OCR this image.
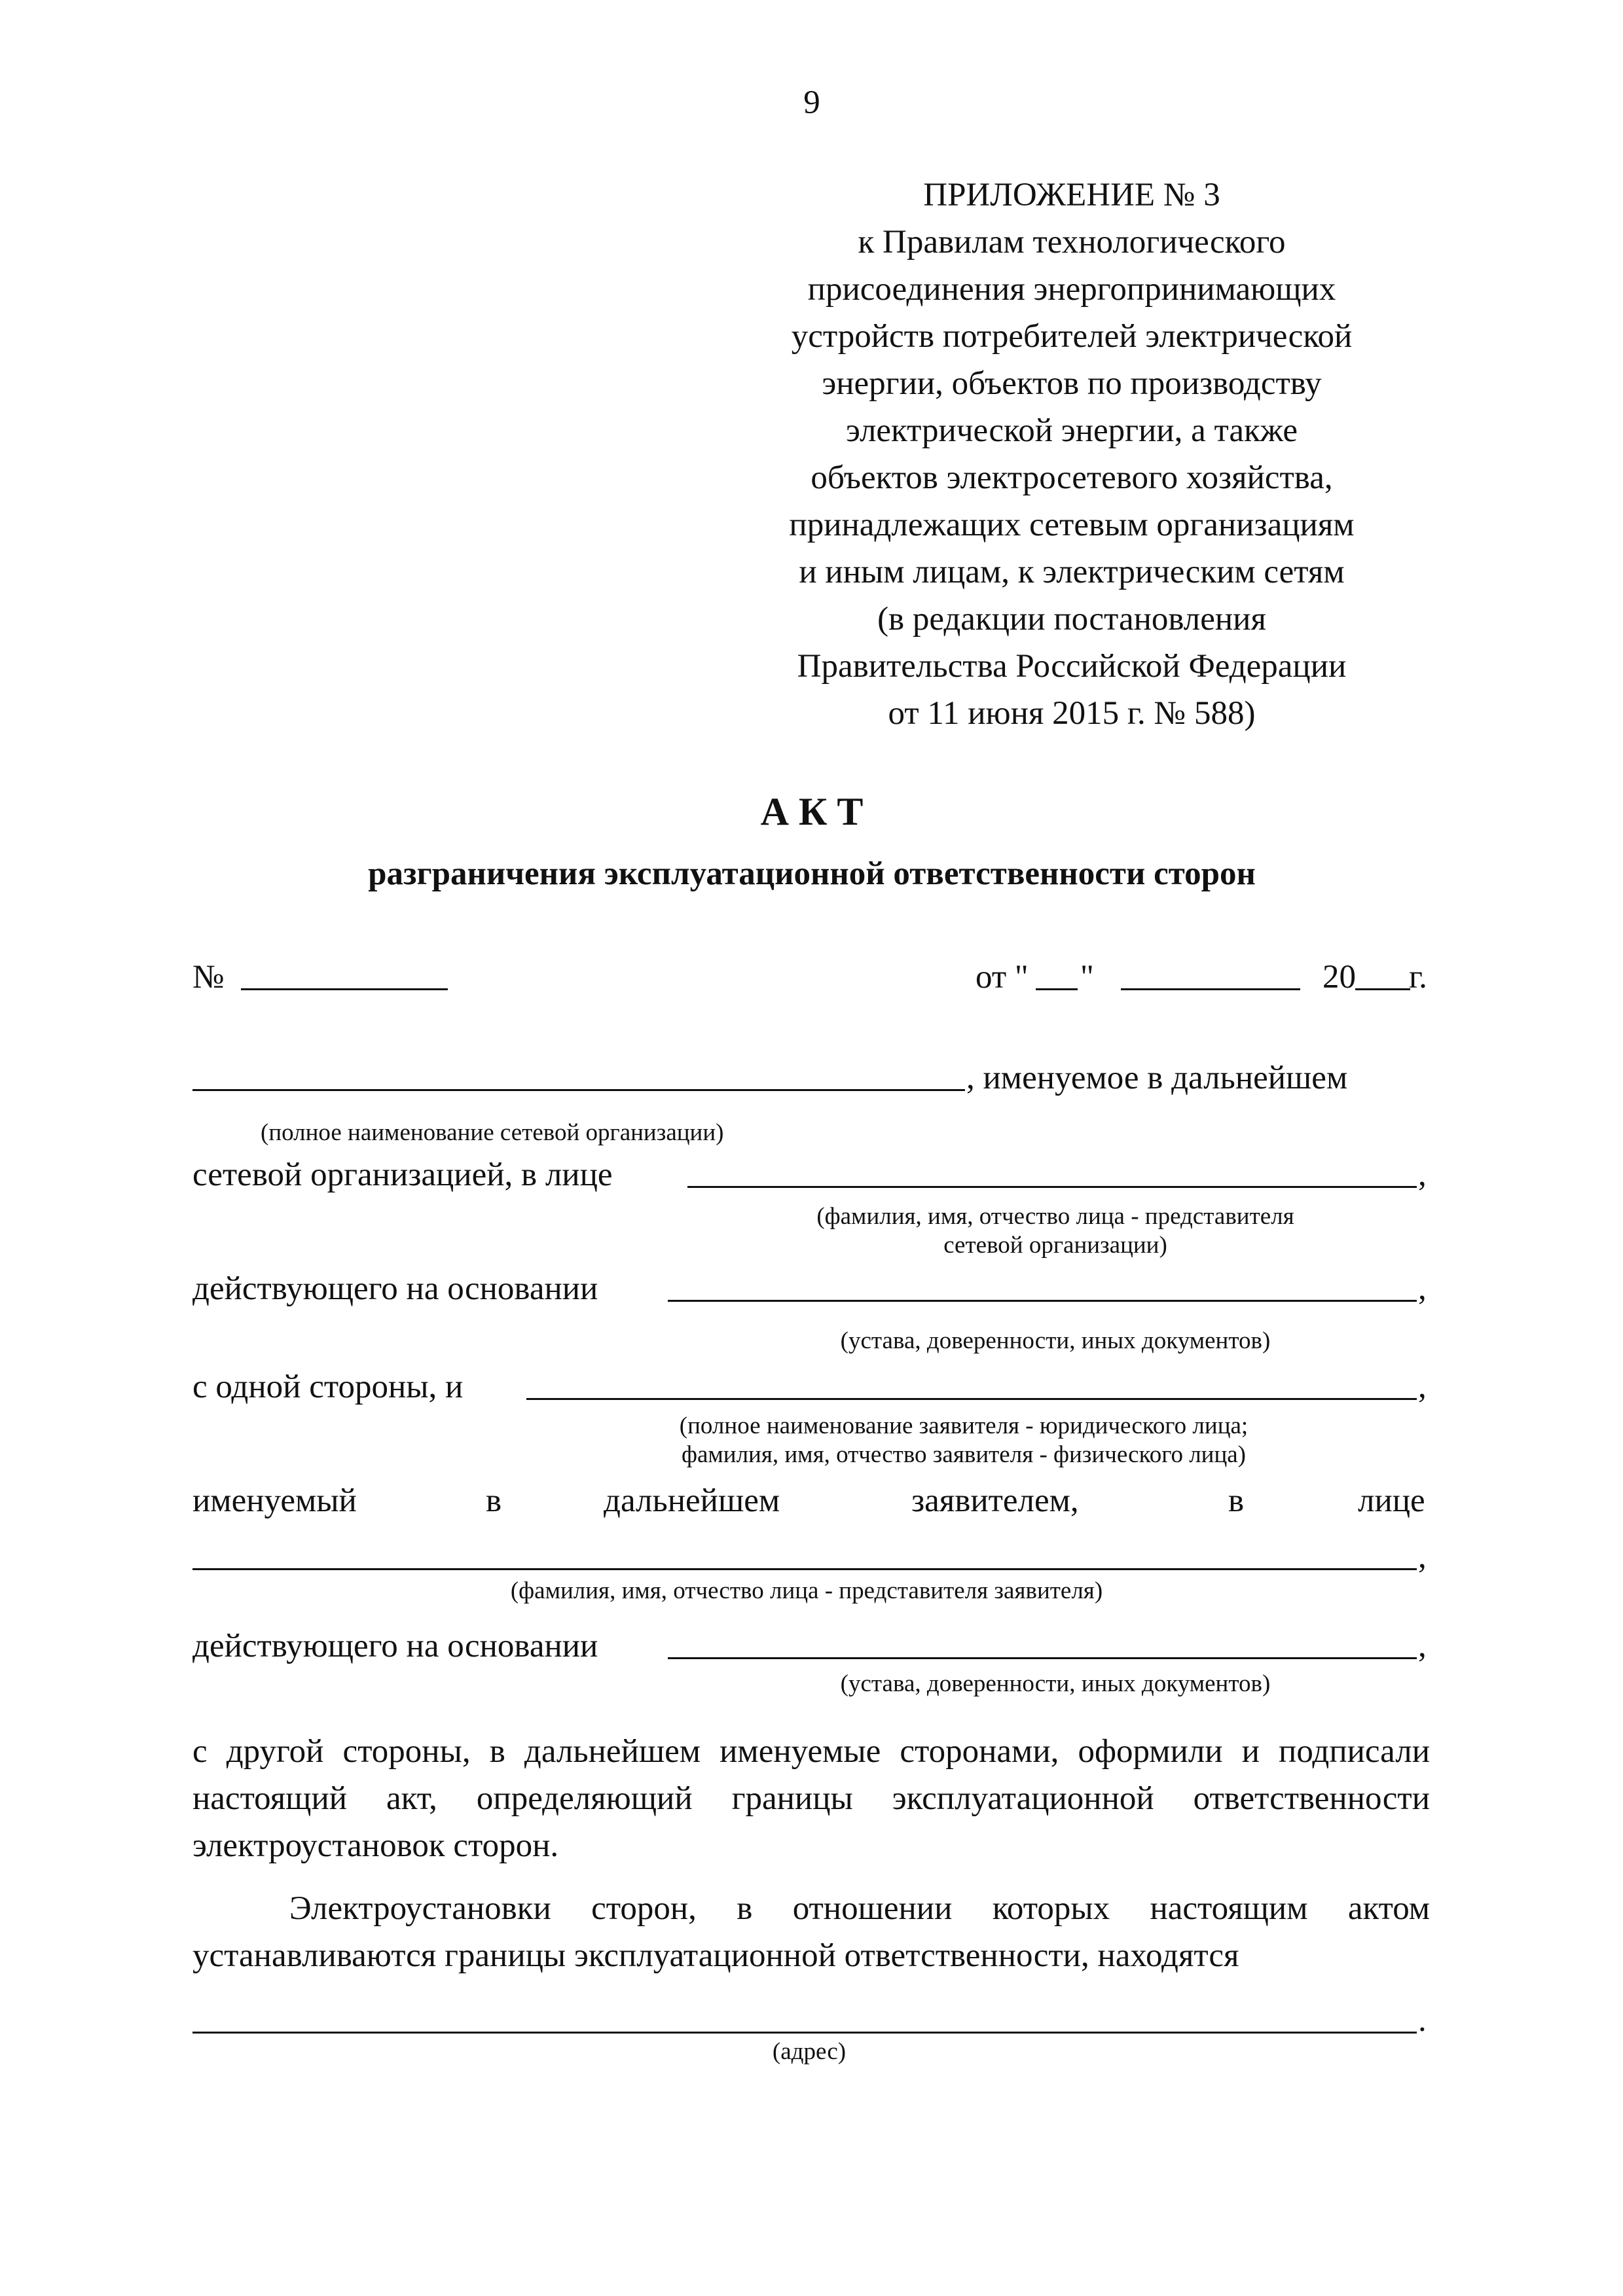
9
ПРИЛОЖЕНИЕ № 3
к Правилам технологического
присоединения энергопринимающих
устройств потребителей электрической
энергии, объектов по производству
электрической энергии, а также
объектов электросетевого хозяйства,
принадлежащих сетевым организациям
и иным лицам, к электрическим сетям
(в редакции постановления
Правительства Российской Федерации
от 11 июня 2015 г. № 588)
А К Т
разграничения эксплуатационной ответственности сторон
№	от " "	20 г.
, именуемое в дальнейшем
(полное наименование сетевой организации)
сетевой организацией, в лице	,
(фамилия, имя, отчество лица - представителя
сетевой организации)
действующего на основании	,
(устава, доверенности, иных документов)
с одной стороны, и	,
(полное наименование заявителя - юридического лица;
фамилия, имя, отчество заявителя - физического лица)
именуемый	в	дальнейшем	заявителем,	в	лице
,
(фамилия, имя, отчество лица - представителя заявителя)
действующего на основании	,
(устава, доверенности, иных документов)
с другой стороны, в дальнейшем именуемые сторонами, оформили и подписали настоящий акт, определяющий границы эксплуатационной ответственности электроустановок сторон.
Электроустановки сторон, в отношении которых настоящим актом устанавливаются границы эксплуатационной ответственности, находятся
.
(адрес)
